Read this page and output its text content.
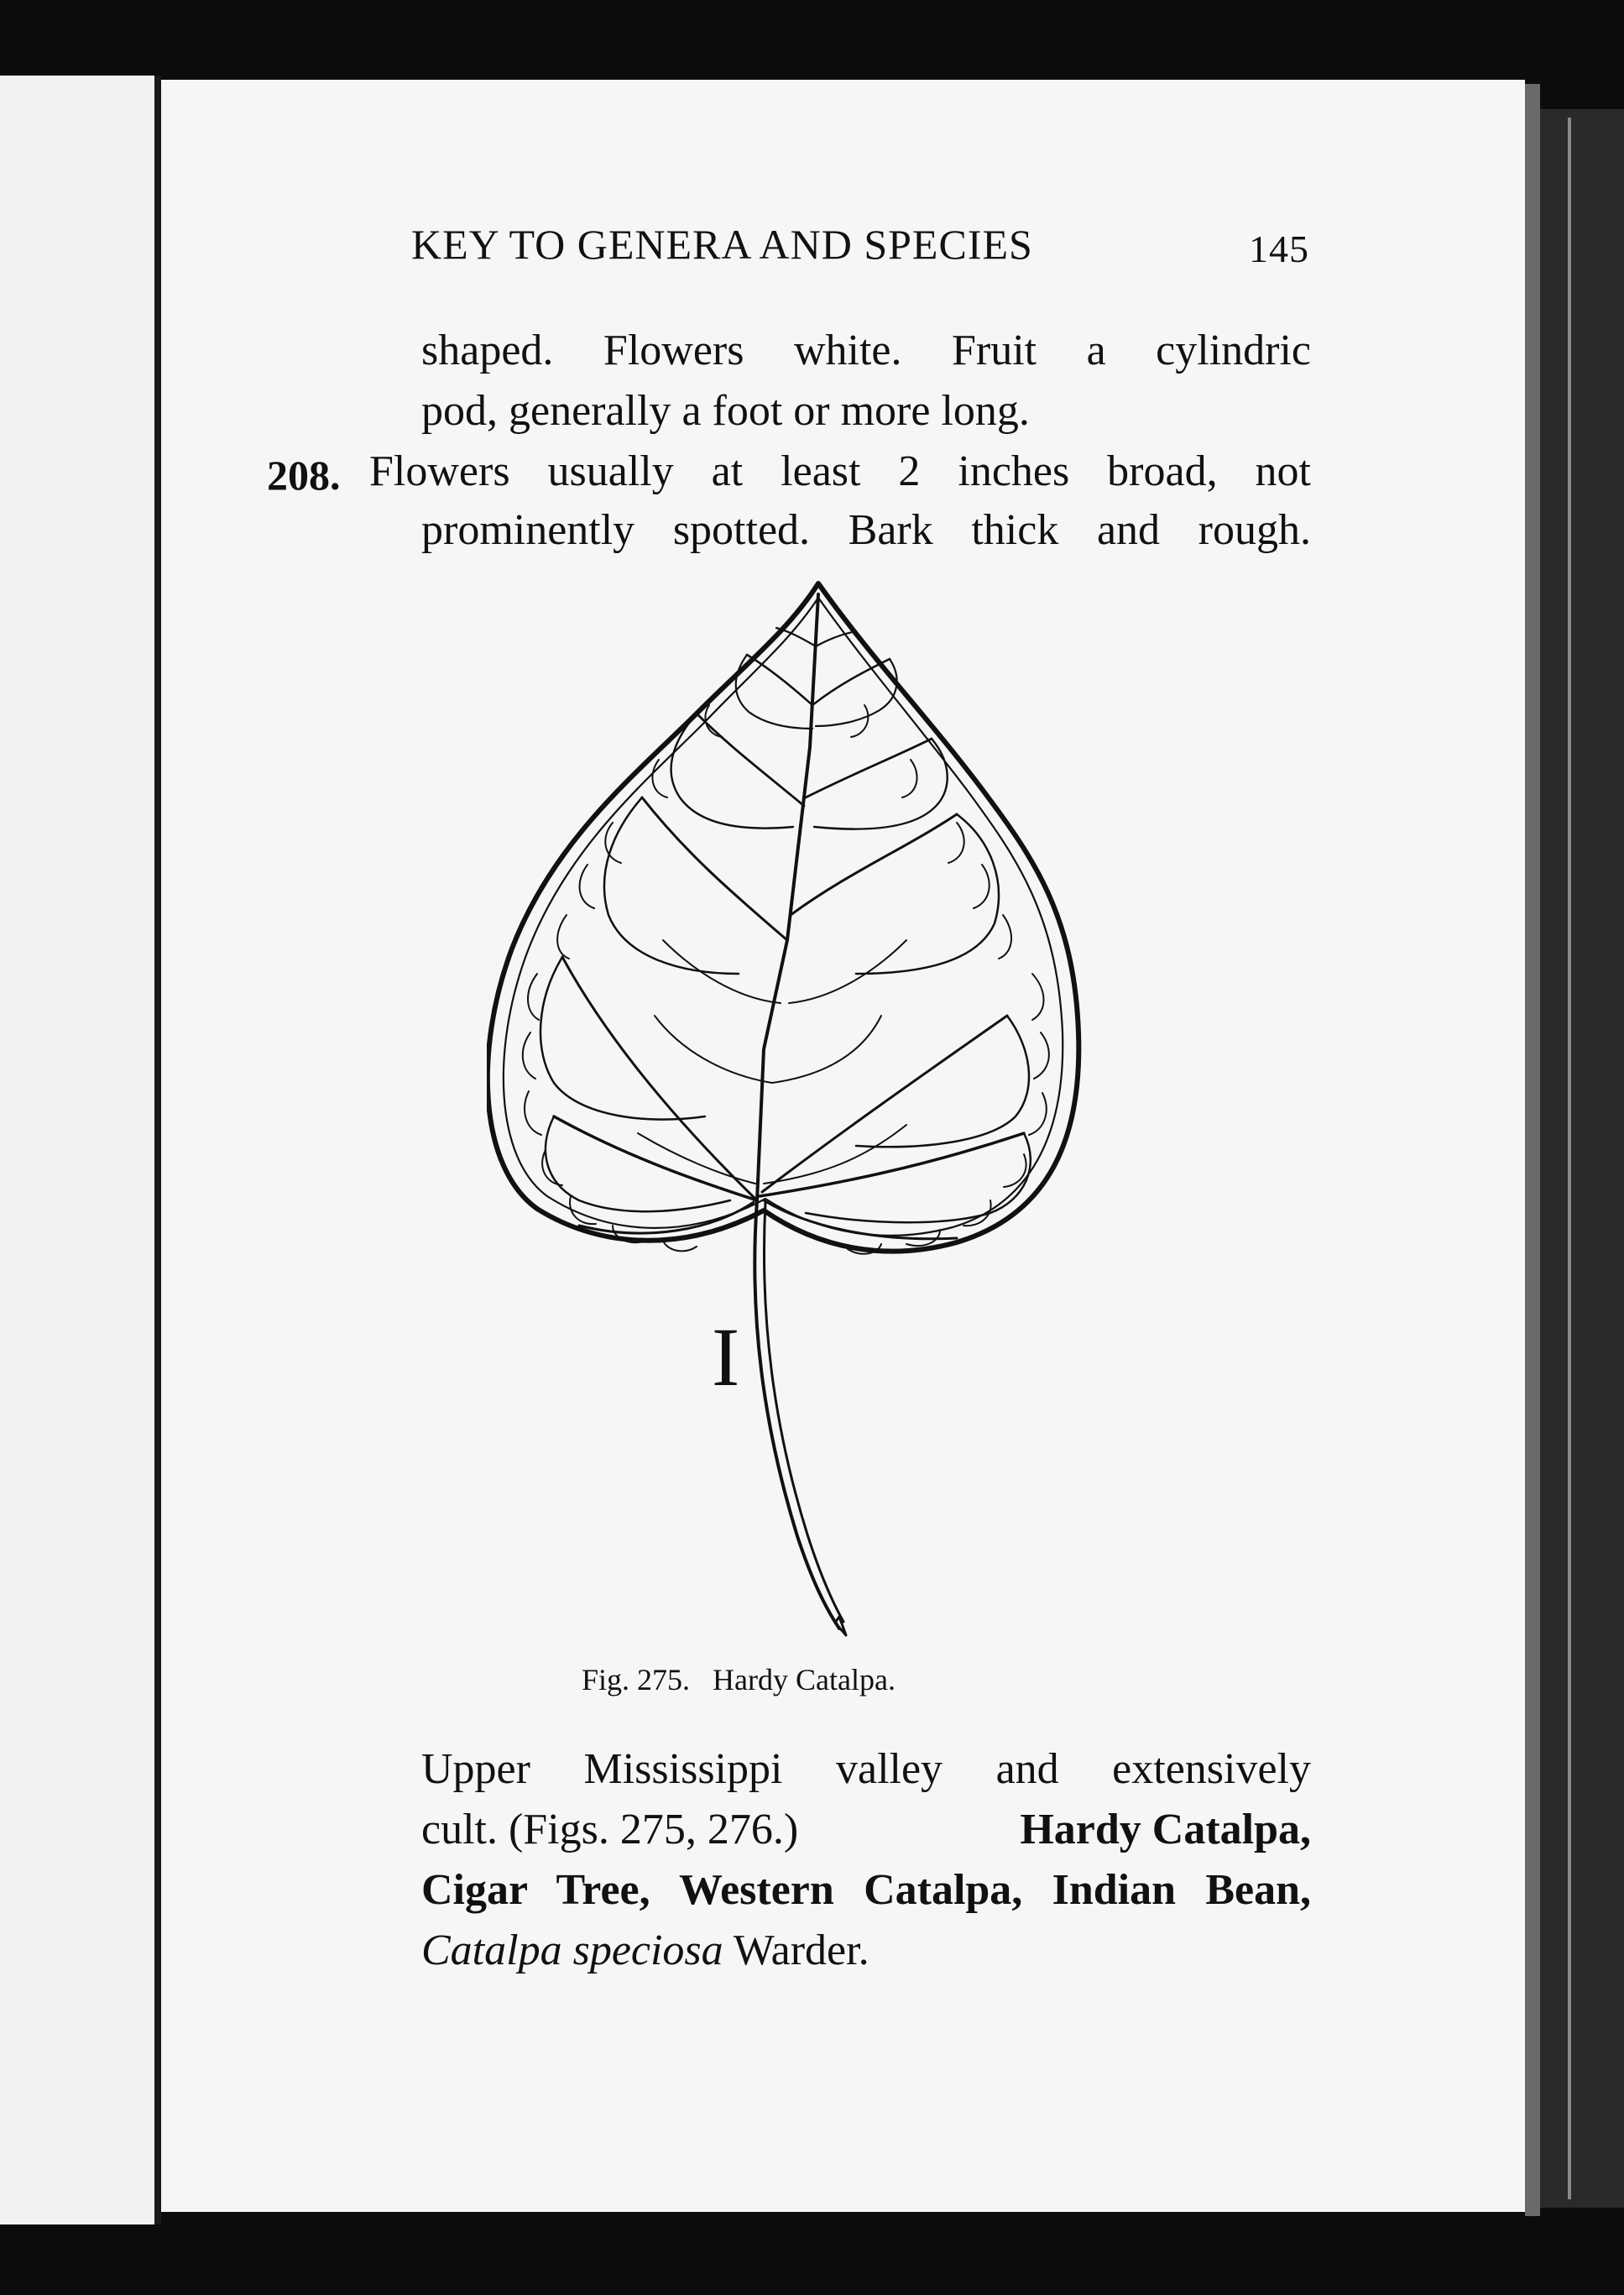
KEY TO GENERA AND SPECIES	145
shaped. Flowers white. Fruit a cylindric
pod, generally a foot or more long.
208. Flowers usually at least 2 inches broad, not
prominently spotted. Bark thick and rough.
I
Fig. 275. Hardy Catalpa.
Upper Mississippi valley and extensively
cult. (Figs. 275, 276.)	Hardy Catalpa,
Cigar Tree, Western Catalpa, Indian Bean,
Catalpa speciosa Warder.
